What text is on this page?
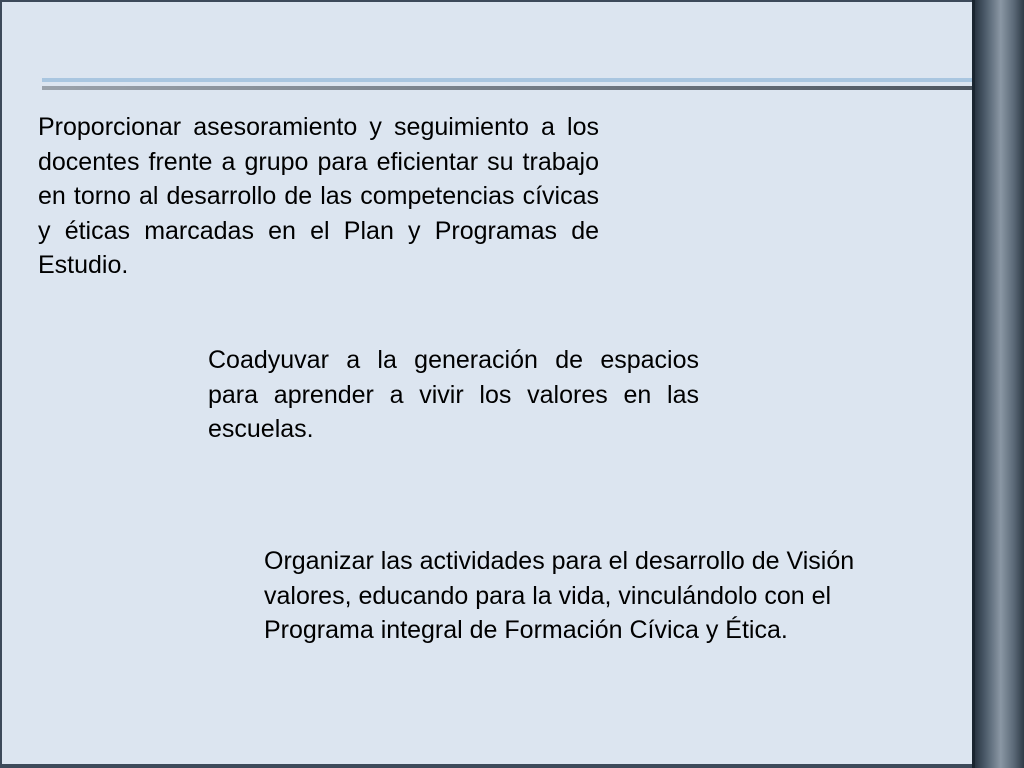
Proporcionar asesoramiento y seguimiento a los docentes frente a grupo para eficientar su trabajo en torno al desarrollo de las competencias cívicas y éticas marcadas en el Plan y Programas de Estudio.
Coadyuvar a la generación de espacios para aprender a vivir los valores en las escuelas.
Organizar las actividades para el desarrollo de Visión valores, educando para la vida, vinculándolo con el Programa integral de Formación Cívica y Ética.
